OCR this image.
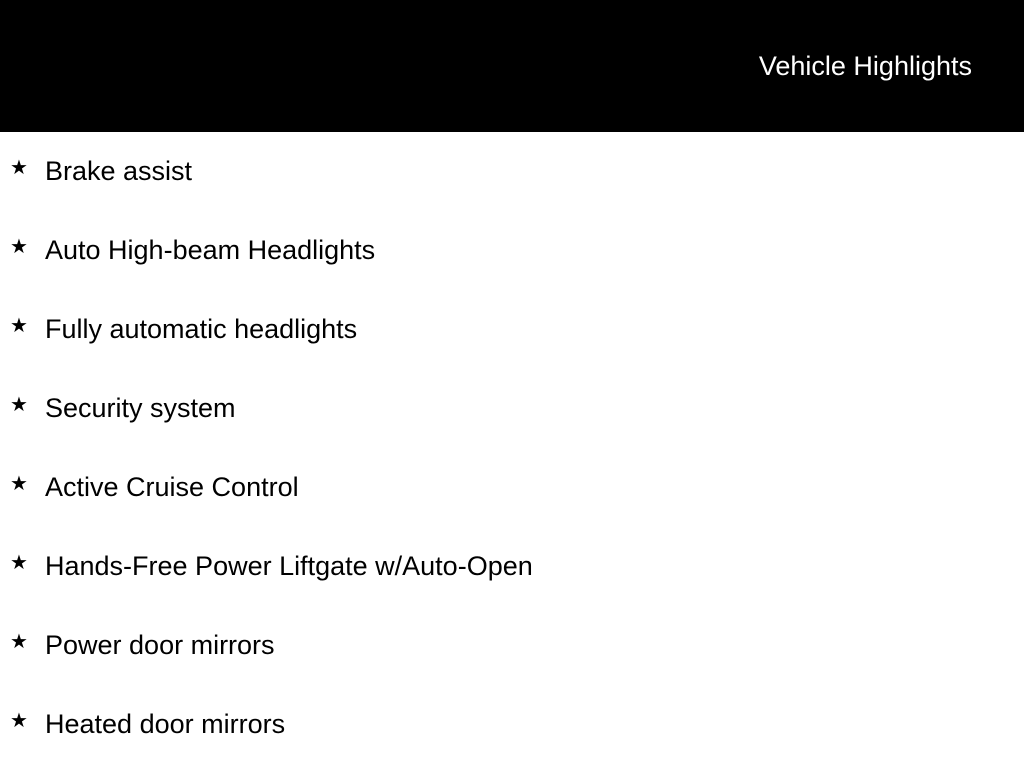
Vehicle Highlights
★ Brake assist
★ Auto High-beam Headlights
★ Fully automatic headlights
★ Security system
★ Active Cruise Control
★ Hands-Free Power Liftgate w/Auto-Open
★ Power door mirrors
★ Heated door mirrors
